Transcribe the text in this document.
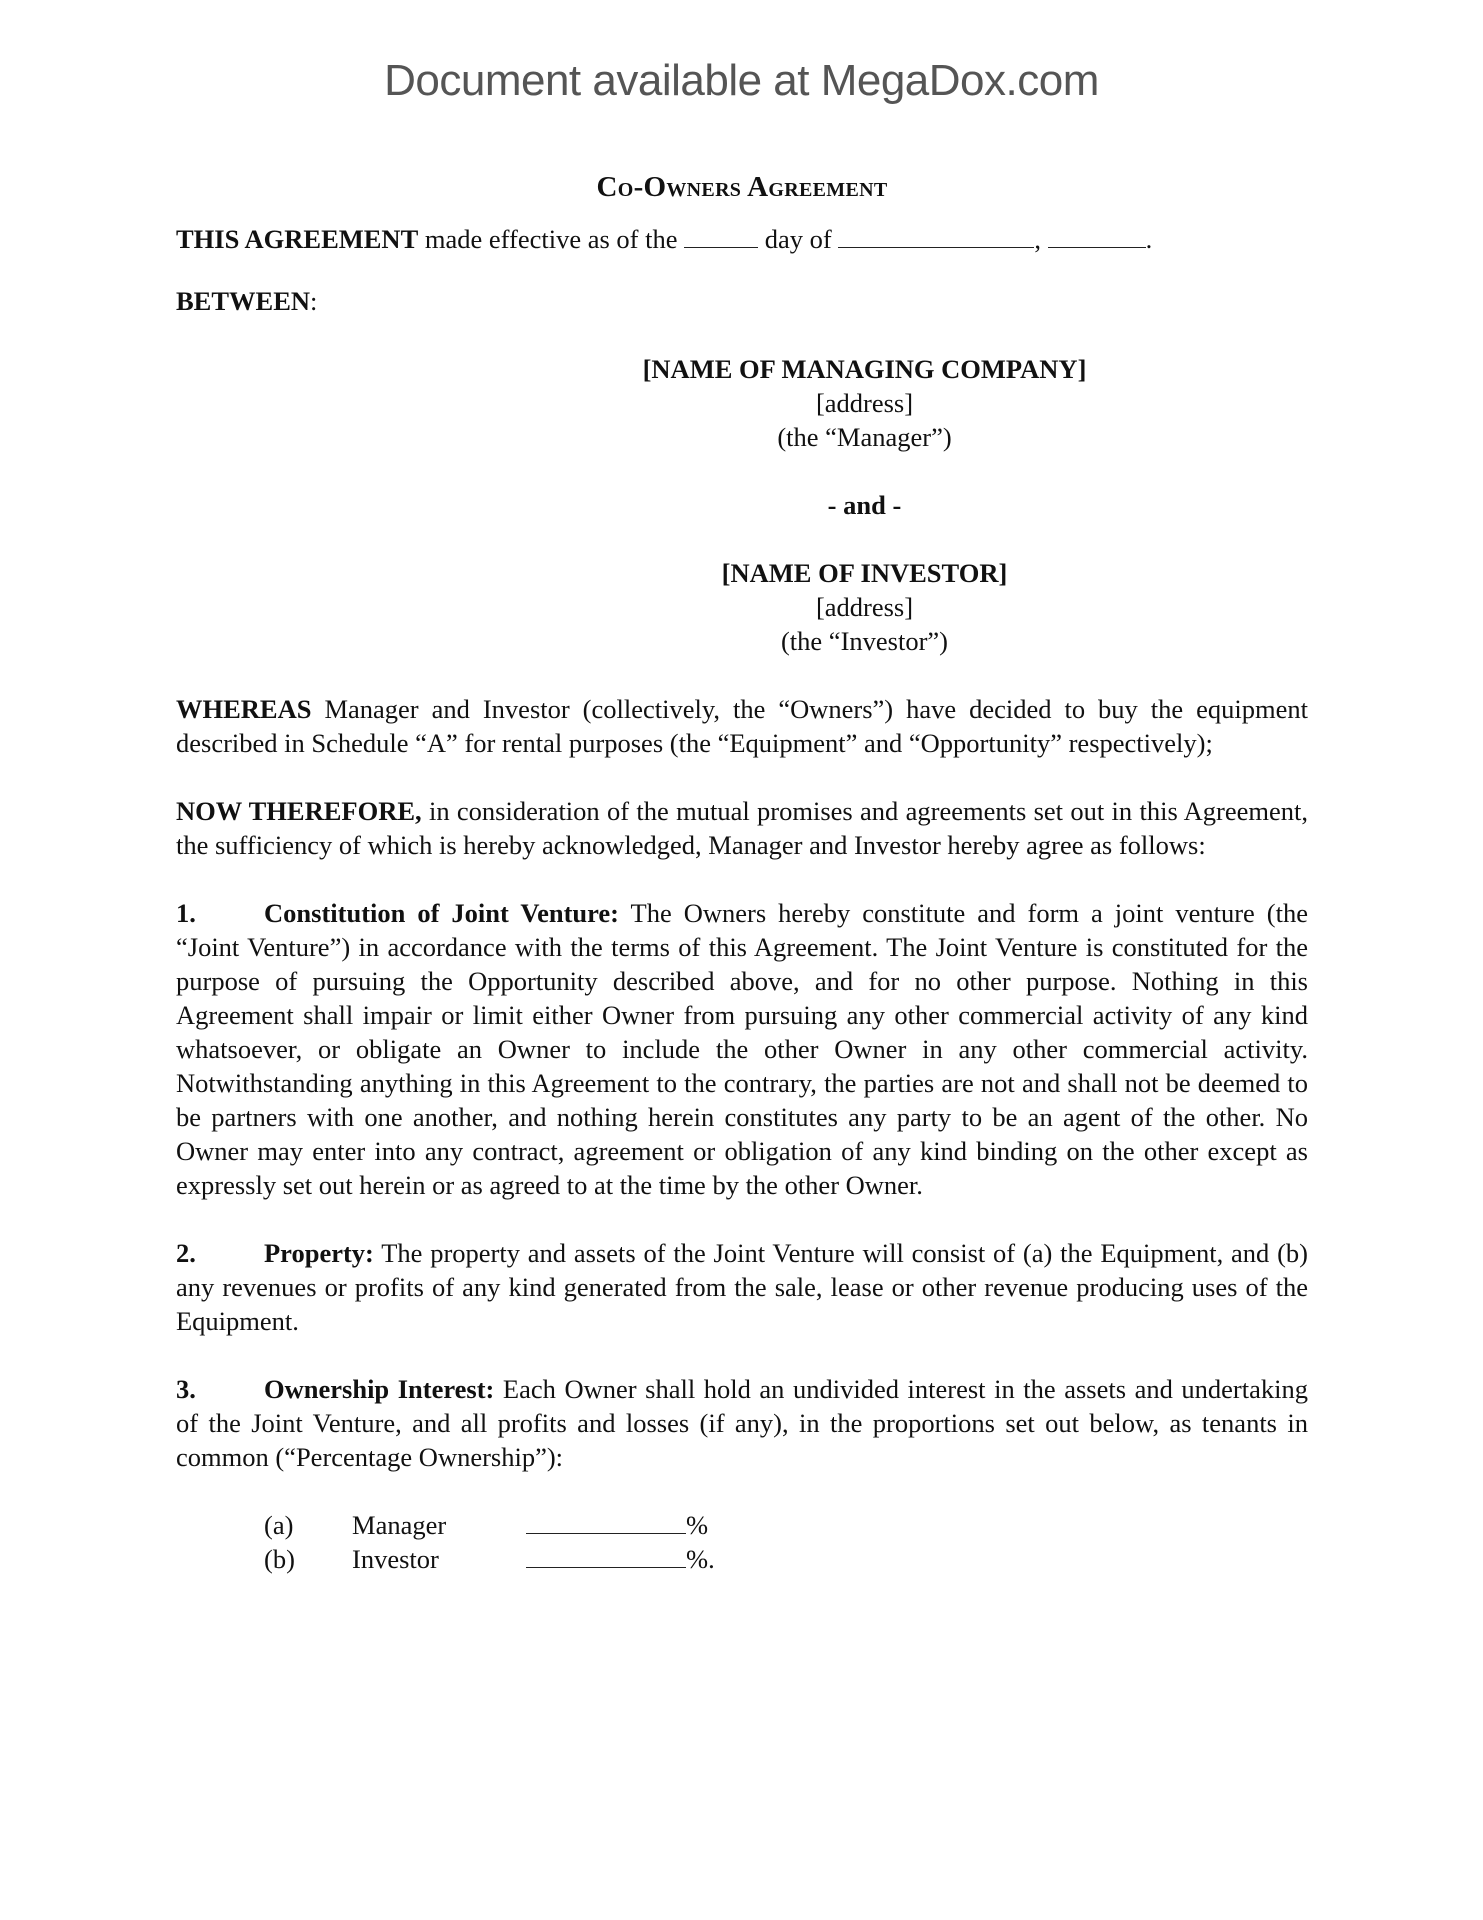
Document available at MegaDox.com
Co-Owners Agreement

THIS AGREEMENT made effective as of the	day of	,	.

BETWEEN:

[NAME OF MANAGING COMPANY]
[address]
(the “Manager”)
- and -
[NAME OF INVESTOR]
[address]
(the “Investor”)

WHEREAS Manager and Investor (collectively, the “Owners”) have decided to buy the equipment described in Schedule “A” for rental purposes (the “Equipment” and “Opportunity” respectively);

NOW THEREFORE, in consideration of the mutual promises and agreements set out in this Agreement, the sufficiency of which is hereby acknowledged, Manager and Investor hereby agree as follows:

1.	Constitution of Joint Venture: The Owners hereby constitute and form a joint venture (the “Joint Venture”) in accordance with the terms of this Agreement. The Joint Venture is constituted for the purpose of pursuing the Opportunity described above, and for no other purpose. Nothing in this Agreement shall impair or limit either Owner from pursuing any other commercial activity of any kind whatsoever, or obligate an Owner to include the other Owner in any other commercial activity. Notwithstanding anything in this Agreement to the contrary, the parties are not and shall not be deemed to be partners with one another, and nothing herein constitutes any party to be an agent of the other. No Owner may enter into any contract, agreement or obligation of any kind binding on the other except as expressly set out herein or as agreed to at the time by the other Owner.

2.	Property: The property and assets of the Joint Venture will consist of (a) the Equipment, and (b) any revenues or profits of any kind generated from the sale, lease or other revenue producing uses of the Equipment.

3.	Ownership Interest: Each Owner shall hold an undivided interest in the assets and undertaking of the Joint Venture, and all profits and losses (if any), in the proportions set out below, as tenants in common (“Percentage Ownership”):

(a)	Manager	%
(b)	Investor	%.
